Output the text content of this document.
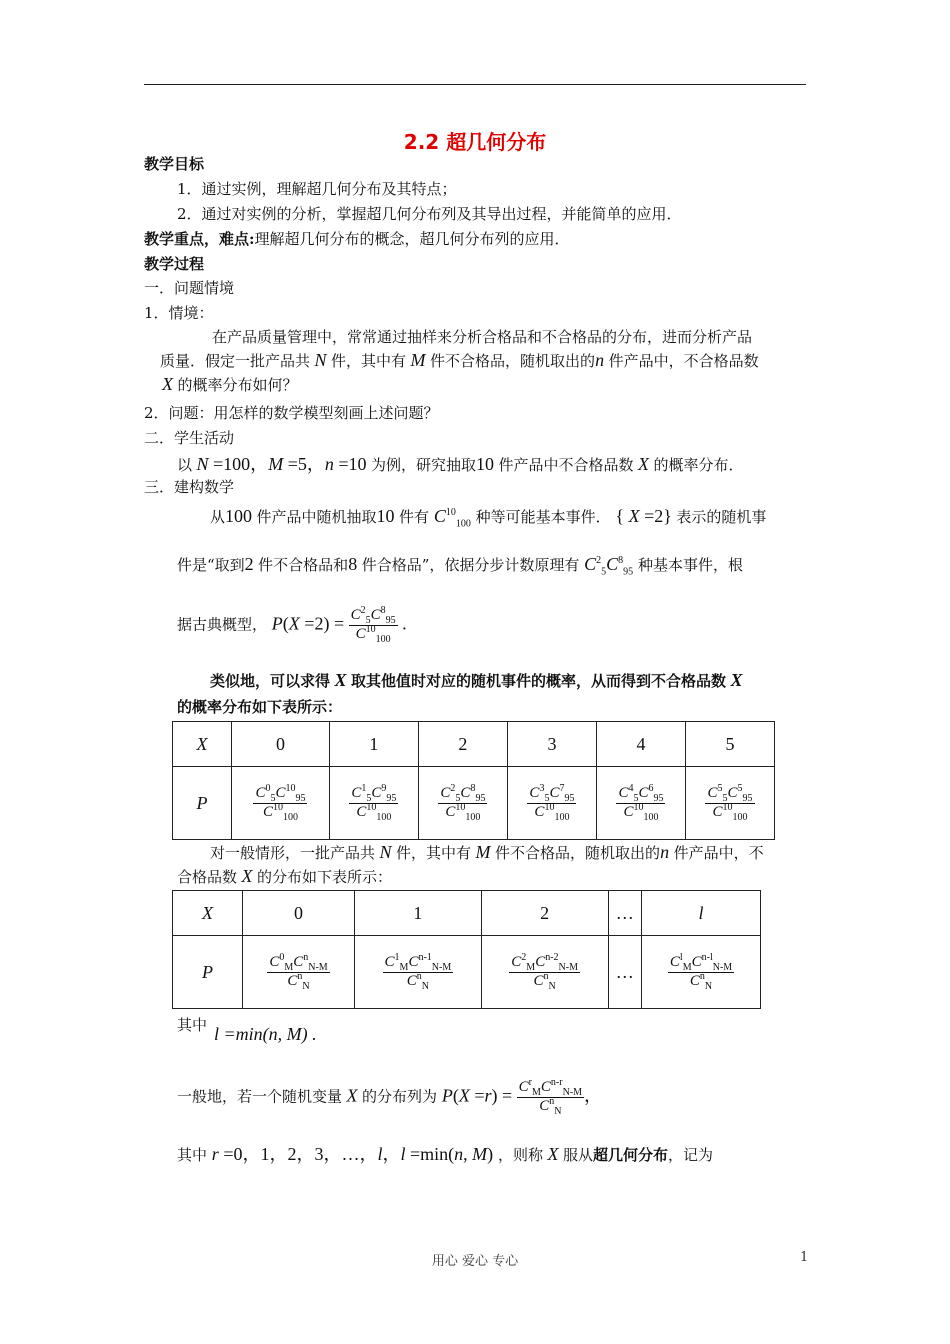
2.2 超几何分布
教学目标
1．通过实例，理解超几何分布及其特点；
2．通过对实例的分析，掌握超几何分布列及其导出过程，并能简单的应用．
教学重点，难点:理解超几何分布的概念，超几何分布列的应用．
教学过程
一．问题情境
1．情境：
在产品质量管理中，常常通过抽样来分析合格品和不合格品的分布，进而分析产品
质量．假定一批产品共 N 件，其中有 M 件不合格品，随机取出的n 件产品中，不合格品数
X 的概率分布如何？
2．问题：用怎样的数学模型刻画上述问题？
二．学生活动
以 N =100，M =5，n =10 为例，研究抽取10 件产品中不合格品数 X 的概率分布．
三．建构数学
从100 件产品中随机抽取10 件有 $C^{10}_{100}$ 种等可能基本事件． { X =2} 表示的随机事
件是“取到2 件不合格品和8 件合格品”，依据分步计数原理有 $C^2_5C^8_{95}$ 种基本事件，根
据古典概型， $P(X =2) = \frac{C^2_5C^8_{95}}{C^{10}_{100}}$ .
类似地，可以求得 X 取其他值时对应的随机事件的概率，从而得到不合格品数 X
的概率分布如下表所示：
X	0	1	2	3	4	5
P	$\frac{C^0_5C^{10}_{95}}{C^{10}_{100}}$	$\frac{C^1_5C^9_{95}}{C^{10}_{100}}$	$\frac{C^2_5C^8_{95}}{C^{10}_{100}}$	$\frac{C^3_5C^7_{95}}{C^{10}_{100}}$	$\frac{C^4_5C^6_{95}}{C^{10}_{100}}$	$\frac{C^5_5C^5_{95}}{C^{10}_{100}}$
对一般情形，一批产品共 N 件，其中有 M 件不合格品，随机取出的n 件产品中，不
合格品数 X 的分布如下表所示：
X	0	1	2	…	l
P	$\frac{C^0_MC^n_{N-M}}{C^n_N}$	$\frac{C^1_MC^{n-1}_{N-M}}{C^n_N}$	$\frac{C^2_MC^{n-2}_{N-M}}{C^n_N}$	…	$\frac{C^l_MC^{n-l}_{N-M}}{C^n_N}$
其中 l =min(n, M) .
一般地，若一个随机变量 X 的分布列为 $P(X =r) = \frac{C^r_MC^{n-r}_{N-M}}{C^n_N}$ ，
其中 r =0，1，2，3，…，l，l =min(n, M) ，则称 X 服从超几何分布，记为
用心 爱心 专心	1
